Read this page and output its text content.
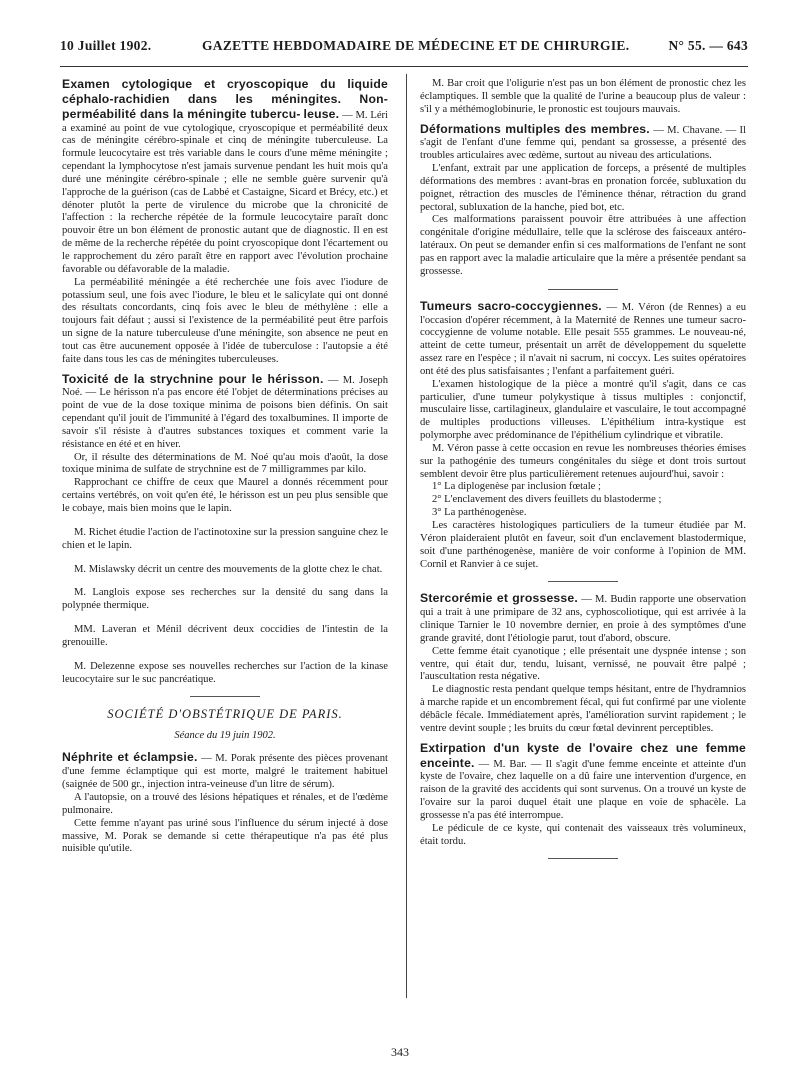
10 Juillet 1902.	GAZETTE HEBDOMADAIRE DE MÉDECINE ET DE CHIRURGIE.	N° 55. — 643

Examen cytologique et cryoscopique du liquide céphalo-rachidien dans les méningites. Non-perméabilité dans la méningite tubercu- leuse. — M. Léri a examiné au point de vue cytologique, cryoscopique et perméabilité deux cas de méningite cérébro-spinale et cinq de méningite tuberculeuse. La formule leucocytaire est très variable dans le cours d'une même méningite ; cependant la lymphocytose n'est jamais survenue pendant les huit mois qu'a duré une méningite cérébro-spinale ; elle ne semble guère survenir qu'à l'approche de la guérison (cas de Labbé et Castaigne, Sicard et Brécy, etc.) et dénoter plutôt la perte de virulence du microbe que la chronicité de l'affection : la recherche répétée de la formule leucocytaire paraît donc pouvoir être un bon élément de pronostic autant que de diagnostic. Il en est de même de la recherche répétée du point cryoscopique dont l'écartement ou le rapprochement du zéro paraît être en rapport avec l'évolution prochaine favorable ou défavorable de la maladie.

La perméabilité méningée a été recherchée une fois avec l'iodure de potassium seul, une fois avec l'iodure, le bleu et le salicylate qui ont donné des résultats concordants, cinq fois avec le bleu de méthylène : elle a toujours fait défaut ; aussi si l'existence de la perméabilité peut être parfois un signe de la nature tuberculeuse d'une méningite, son absence ne peut en tout cas être aucunement opposée à l'idée de tuberculose : l'autopsie a été faite dans tous les cas de méningites tuberculeuses.

Toxicité de la strychnine pour le hérisson. — M. Joseph Noé. — Le hérisson n'a pas encore été l'objet de déterminations précises au point de vue de la dose toxique minima de poisons bien définis. On sait cependant qu'il jouit de l'immunité à l'égard des toxalbumines. Il importe de savoir s'il résiste à d'autres substances toxiques et comment varie la résistance en été et en hiver.

Or, il résulte des déterminations de M. Noé qu'au mois d'août, la dose toxique minima de sulfate de strychnine est de 7 milligrammes par kilo.

Rapprochant ce chiffre de ceux que Maurel a donnés récemment pour certains vertébrés, on voit qu'en été, le hérisson est un peu plus sensible que le cobaye, mais bien moins que le lapin.

M. Richet étudie l'action de l'actinotoxine sur la pression sanguine chez le chien et le lapin.

M. Mislawsky décrit un centre des mouvements de la glotte chez le chat.

M. Langlois expose ses recherches sur la densité du sang dans la polypnée thermique.

MM. Laveran et Ménil décrivent deux coccidies de l'intestin de la grenouille.

M. Delezenne expose ses nouvelles recherches sur l'action de la kinase leucocytaire sur le suc pancréatique.

SOCIÉTÉ D'OBSTÉTRIQUE DE PARIS.
Séance du 19 juin 1902.

Néphrite et éclampsie. — M. Porak présente des pièces provenant d'une femme éclamptique qui est morte, malgré le traitement habituel (saignée de 500 gr., injection intra-veineuse d'un litre de sérum).

A l'autopsie, on a trouvé des lésions hépatiques et rénales, et de l'œdème pulmonaire.

Cette femme n'ayant pas uriné sous l'influence du sérum injecté à dose massive, M. Porak se demande si cette thérapeutique n'a pas été plus nuisible qu'utile.

M. Bar croit que l'oligurie n'est pas un bon élément de pronostic chez les éclamptiques. Il semble que la qualité de l'urine a beaucoup plus de valeur : s'il y a méthémoglobinurie, le pronostic est toujours mauvais.

Déformations multiples des membres. — M. Chavane. — Il s'agit de l'enfant d'une femme qui, pendant sa grossesse, a présenté des troubles articulaires avec œdème, surtout au niveau des articulations.

L'enfant, extrait par une application de forceps, a présenté de multiples déformations des membres : avant-bras en pronation forcée, subluxation du poignet, rétraction des muscles de l'éminence thénar, rétraction du grand pectoral, subluxation de la hanche, pied bot, etc.

Ces malformations paraissent pouvoir être attribuées à une affection congénitale d'origine médullaire, telle que la sclérose des faisceaux antéro-latéraux. On peut se demander enfin si ces malformations de l'enfant ne sont pas en rapport avec la maladie articulaire que la mère a présentée pendant sa grossesse.

Tumeurs sacro-coccygiennes. — M. Véron (de Rennes) a eu l'occasion d'opérer récemment, à la Maternité de Rennes une tumeur sacro-coccygienne de volume notable. Elle pesait 555 grammes. Le nouveau-né, atteint de cette tumeur, présentait un arrêt de développement du squelette assez rare en l'espèce ; il n'avait ni sacrum, ni coccyx. Les suites opératoires ont été des plus satisfaisantes ; l'enfant a parfaitement guéri.

L'examen histologique de la pièce a montré qu'il s'agit, dans ce cas particulier, d'une tumeur polykystique à tissus multiples : conjonctif, musculaire lisse, cartilagineux, glandulaire et vasculaire, le tout accompagné de multiples productions villeuses. L'épithélium intra-kystique est polymorphe avec prédominance de l'épithélium cylindrique et vibratile.

M. Véron passe à cette occasion en revue les nombreuses théories émises sur la pathogénie des tumeurs congénitales du siège et dont trois surtout semblent devoir être plus particulièrement retenues aujourd'hui, savoir :

1° La diplogenèse par inclusion fœtale ;

2° L'enclavement des divers feuillets du blastoderme ;

3° La parthénogenèse.

Les caractères histologiques particuliers de la tumeur étudiée par M. Véron plaideraient plutôt en faveur, soit d'un enclavement blastodermique, soit d'une parthénogenèse, manière de voir conforme à l'opinion de MM. Cornil et Ranvier à ce sujet.

Stercorémie et grossesse. — M. Budin rapporte une observation qui a trait à une primipare de 32 ans, cyphoscoliotique, qui est arrivée à la clinique Tarnier le 10 novembre dernier, en proie à des symptômes d'une grande gravité, dont l'étiologie parut, tout d'abord, obscure.

Cette femme était cyanotique ; elle présentait une dyspnée intense ; son ventre, qui était dur, tendu, luisant, vernissé, ne pouvait être palpé ; l'auscultation resta négative.

Le diagnostic resta pendant quelque temps hésitant, entre de l'hydramnios à marche rapide et un encombrement fécal, qui fut confirmé par une violente débâcle fécale. Immédiatement après, l'amélioration survint rapidement ; le ventre devint souple ; les bruits du cœur fœtal devinrent perceptibles.

Extirpation d'un kyste de l'ovaire chez une femme enceinte. — M. Bar. — Il s'agit d'une femme enceinte et atteinte d'un kyste de l'ovaire, chez laquelle on a dû faire une intervention d'urgence, en raison de la gravité des accidents qui sont survenus. On a trouvé un kyste de l'ovaire sur la paroi duquel était une plaque en voie de sphacèle. La grossesse n'a pas été interrompue.

Le pédicule de ce kyste, qui contenait des vaisseaux très volumineux, était tordu.

343
